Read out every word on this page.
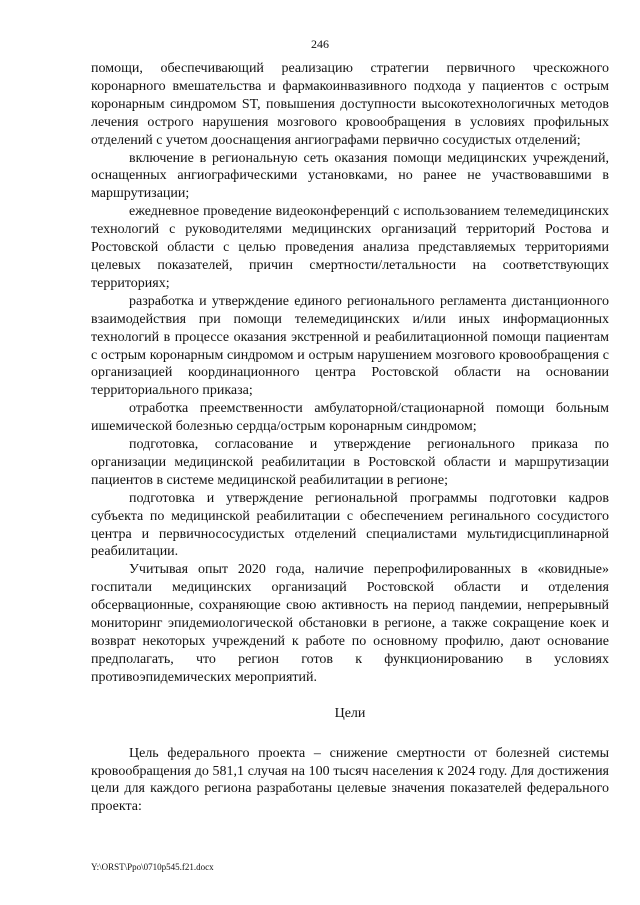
246

помощи, обеспечивающий реализацию стратегии первичного чрескожного коронарного вмешательства и фармакоинвазивного подхода у пациентов с острым коронарным синдромом ST, повышения доступности высокотехнологичных методов лечения острого нарушения мозгового кровообращения в условиях профильных отделений с учетом дооснащения ангиографами первично сосудистых отделений;

включение в региональную сеть оказания помощи медицинских учреждений, оснащенных ангиографическими установками, но ранее не участвовавшими в маршрутизации;

ежедневное проведение видеоконференций с использованием телемедицинских технологий с руководителями медицинских организаций территорий Ростова и Ростовской области с целью проведения анализа представляемых территориями целевых показателей, причин смертности/летальности на соответствующих территориях;

разработка и утверждение единого регионального регламента дистанционного взаимодействия при помощи телемедицинских и/или иных информационных технологий в процессе оказания экстренной и реабилитационной помощи пациентам с острым коронарным синдромом и острым нарушением мозгового кровообращения с организацией координационного центра Ростовской области на основании территориального приказа;

отработка преемственности амбулаторной/стационарной помощи больным ишемической болезнью сердца/острым коронарным синдромом;

подготовка, согласование и утверждение регионального приказа по организации медицинской реабилитации в Ростовской области и маршрутизации пациентов в системе медицинской реабилитации в регионе;

подготовка и утверждение региональной программы подготовки кадров субъекта по медицинской реабилитации с обеспечением регинального сосудистого центра и первичнососудистых отделений специалистами мультидисциплинарной реабилитации.

Учитывая опыт 2020 года, наличие перепрофилированных в «ковидные» госпитали медицинских организаций Ростовской области и отделения обсервационные, сохраняющие свою активность на период пандемии, непрерывный мониторинг эпидемиологической обстановки в регионе, а также сокращение коек и возврат некоторых учреждений к работе по основному профилю, дают основание предполагать, что регион готов к функционированию в условиях противоэпидемических мероприятий.

Цели

Цель федерального проекта – снижение смертности от болезней системы кровообращения до 581,1 случая на 100 тысяч населения к 2024 году. Для достижения цели для каждого региона разработаны целевые значения показателей федерального проекта:

Y:\ORST\Ppo\0710p545.f21.docx
